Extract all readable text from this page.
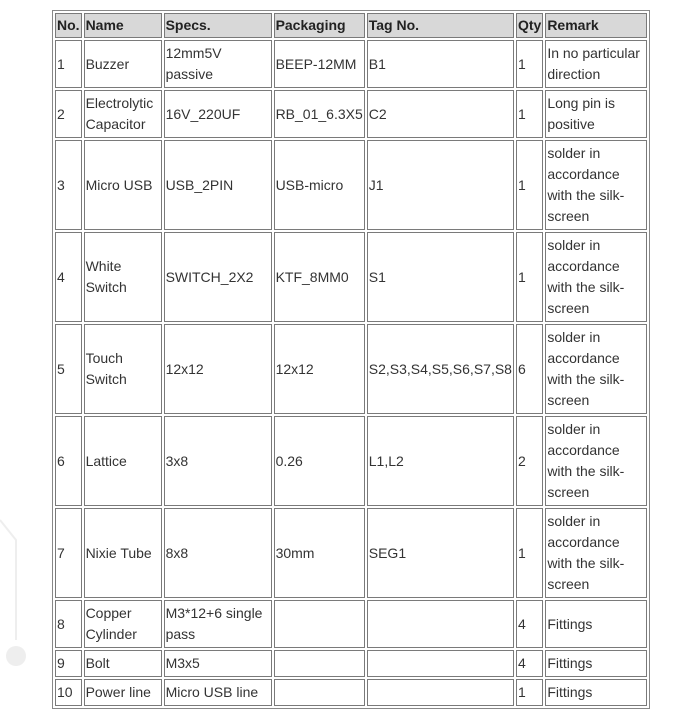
No.	Name	Specs.	Packaging	Tag No.	Qty	Remark
1	Buzzer	12mm5V passive	BEEP-12MM	B1	1	In no particular direction
2	Electrolytic Capacitor	16V_220UF	RB_01_6.3X5	C2	1	Long pin is positive
3	Micro USB	USB_2PIN	USB-micro	J1	1	solder in accordance with the silk-screen
4	White Switch	SWITCH_2X2	KTF_8MM0	S1	1	solder in accordance with the silk-screen
5	Touch Switch	12x12	12x12	S2,S3,S4,S5,S6,S7,S8	6	solder in accordance with the silk-screen
6	Lattice	3x8	0.26	L1,L2	2	solder in accordance with the silk-screen
7	Nixie Tube	8x8	30mm	SEG1	1	solder in accordance with the silk-screen
8	Copper Cylinder	M3*12+6 single pass			4	Fittings
9	Bolt	M3x5			4	Fittings
10	Power line	Micro USB line			1	Fittings
